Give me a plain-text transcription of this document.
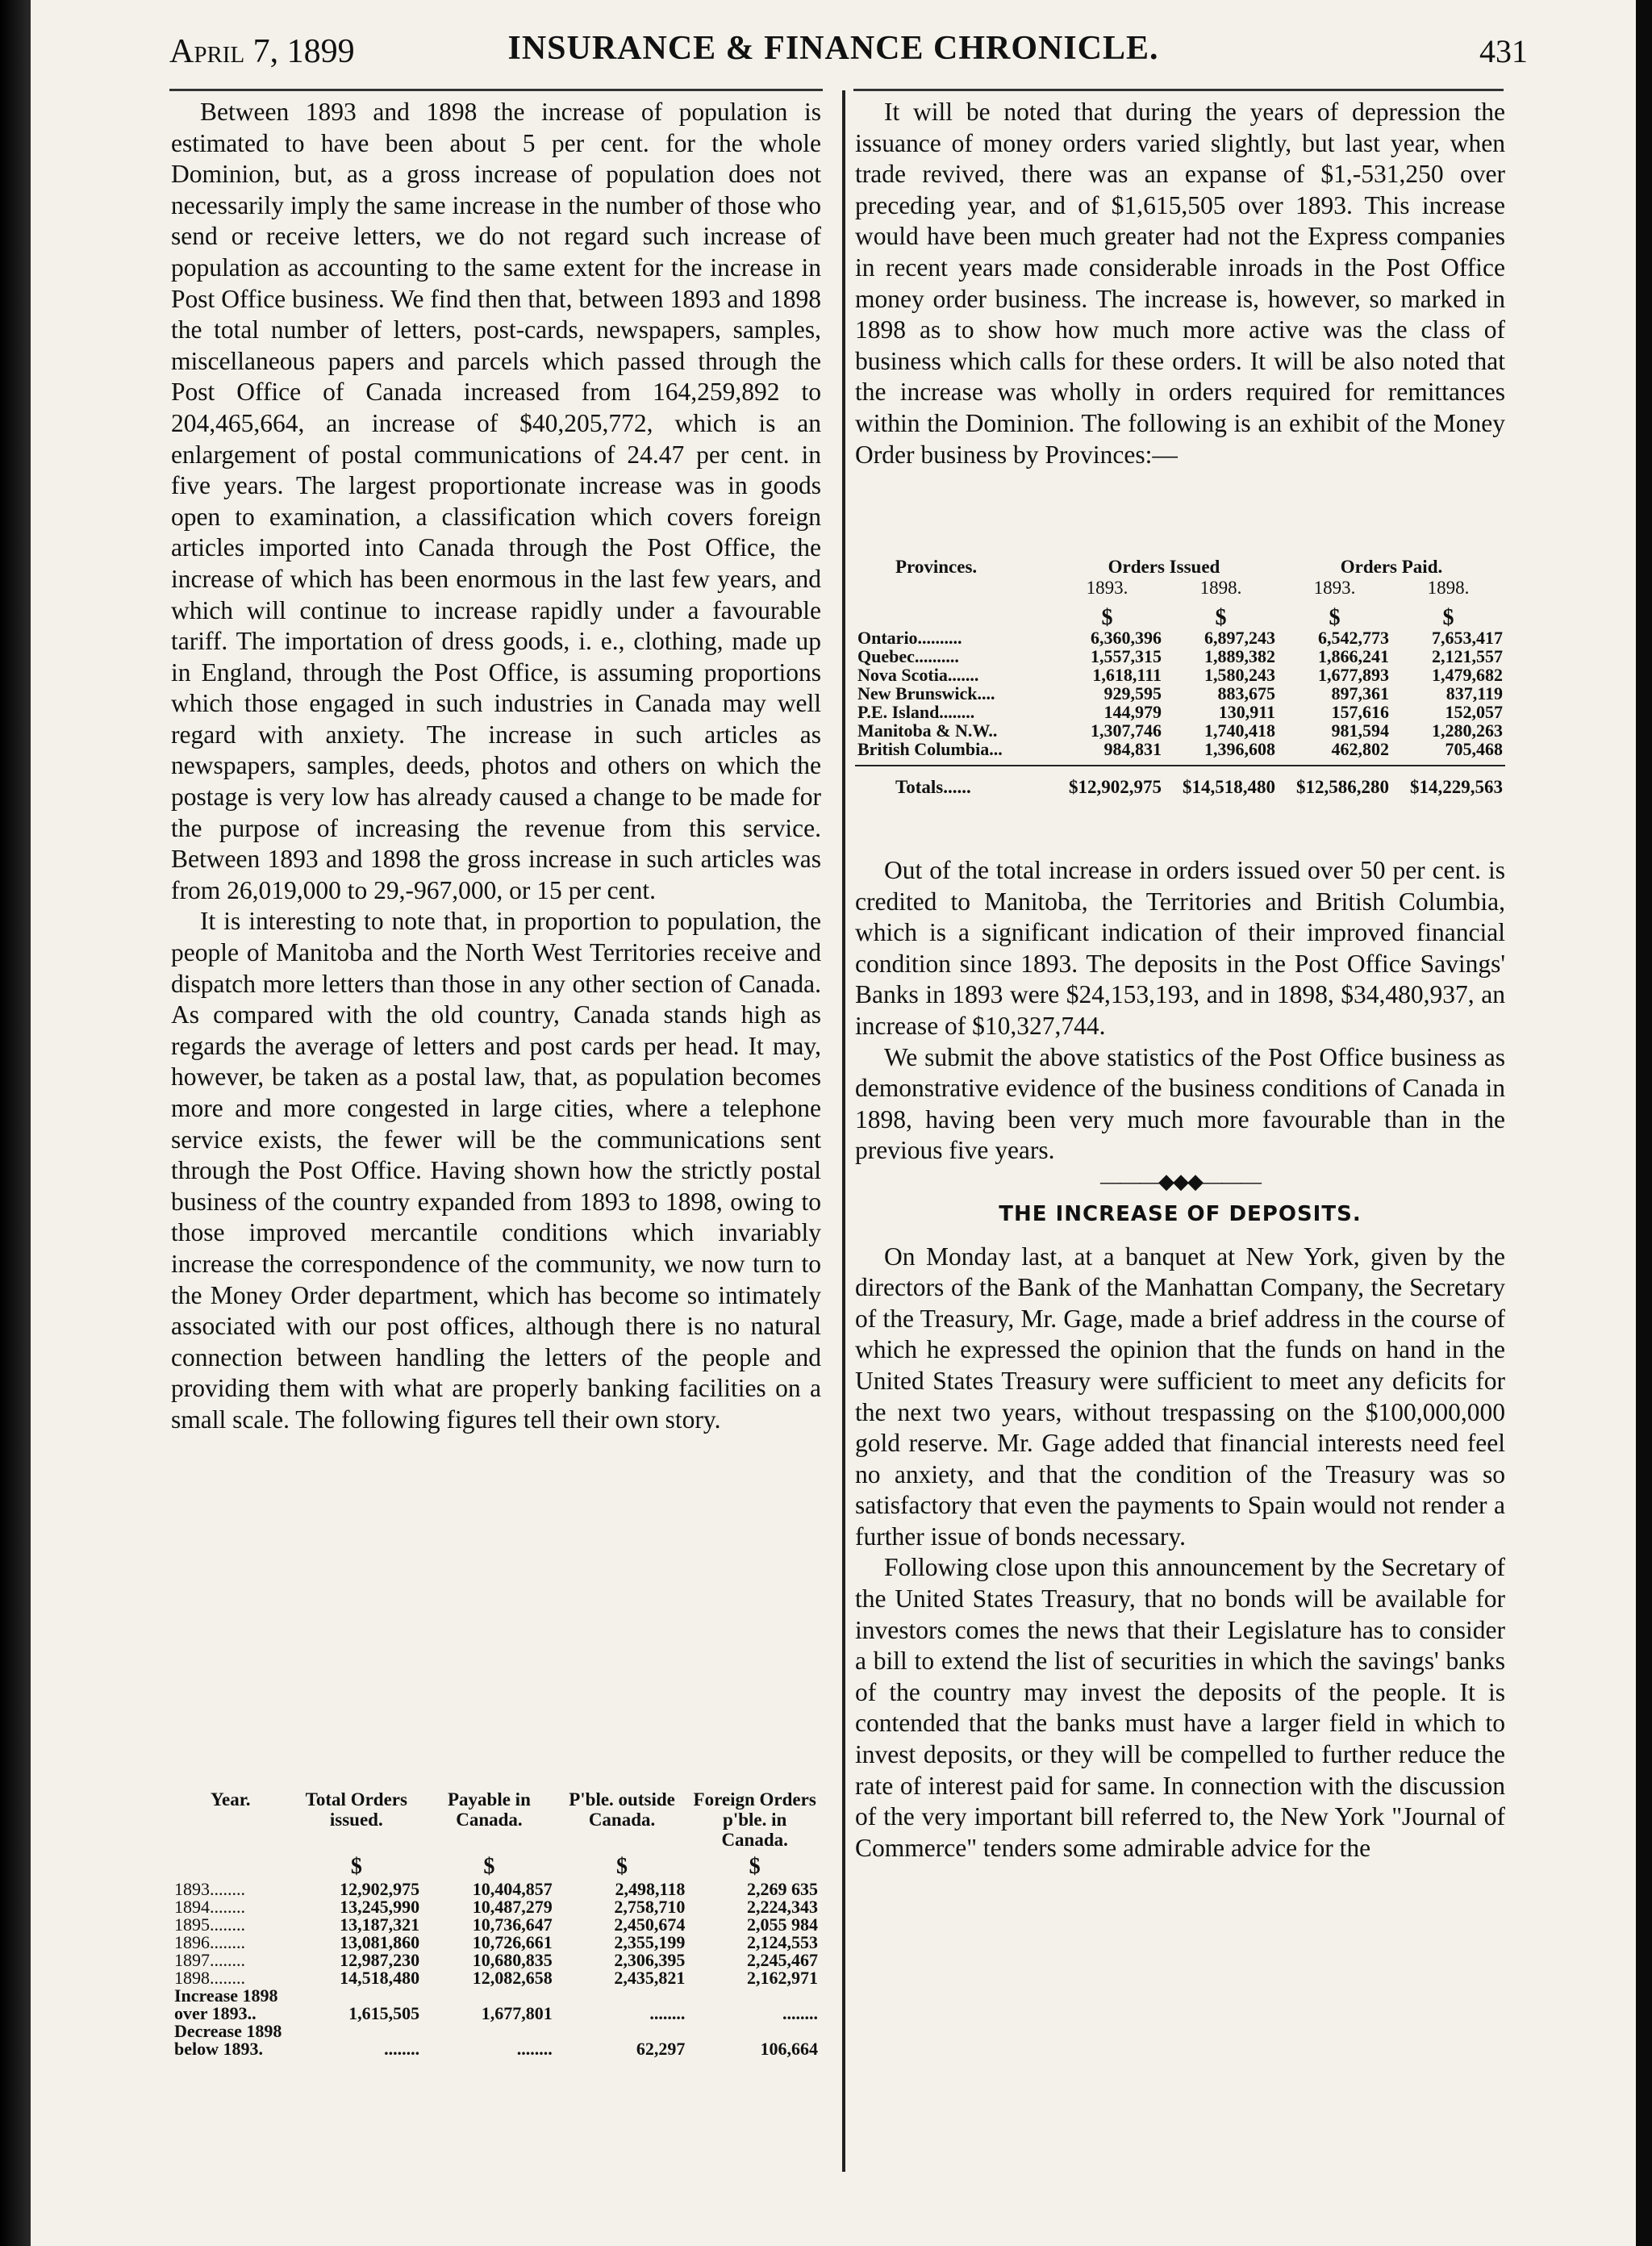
INSURANCE & FINANCE CHRONICLE.
April 7, 1899	431

Between 1893 and 1898 the increase of population is estimated to have been about 5 per cent. for the whole Dominion, but, as a gross increase of population does not necessarily imply the same increase in the number of those who send or receive letters, we do not regard such increase of population as accounting to the same extent for the increase in Post Office business. We find then that, between 1893 and 1898 the total number of letters, post-cards, newspapers, samples, miscellaneous papers and parcels which passed through the Post Office of Canada increased from 164,259,892 to 204,465,664, an increase of $40,205,772, which is an enlargement of postal communications of 24.47 per cent. in five years. The largest proportionate increase was in goods open to examination, a classification which covers foreign articles imported into Canada through the Post Office, the increase of which has been enormous in the last few years, and which will continue to increase rapidly under a favourable tariff. The importation of dress goods, i. e., clothing, made up in England, through the Post Office, is assuming proportions which those engaged in such industries in Canada may well regard with anxiety. The increase in such articles as newspapers, samples, deeds, photos and others on which the postage is very low has already caused a change to be made for the purpose of increasing the revenue from this service. Between 1893 and 1898 the gross increase in such articles was from 26,019,000 to 29,-967,000, or 15 per cent.

It is interesting to note that, in proportion to population, the people of Manitoba and the North West Territories receive and dispatch more letters than those in any other section of Canada. As compared with the old country, Canada stands high as regards the average of letters and post cards per head. It may, however, be taken as a postal law, that, as population becomes more and more congested in large cities, where a telephone service exists, the fewer will be the communications sent through the Post Office. Having shown how the strictly postal business of the country expanded from 1893 to 1898, owing to those improved mercantile conditions which invariably increase the correspondence of the community, we now turn to the Money Order department, which has become so intimately associated with our post offices, although there is no natural connection between handling the letters of the people and providing them with what are properly banking facilities on a small scale. The following figures tell their own story.

Year.	Total Orders issued.	Payable in Canada.	P'ble. outside Canada.	Foreign Orders p'ble. in Canada.
	$	$	$	$
1893........	12,902,975	10,404,857	2,498,118	2,269 635
1894........	13,245,990	10,487,279	2,758,710	2,224,343
1895........	13,187,321	10,736,647	2,450,674	2,055 984
1896........	13,081,860	10,726,661	2,355,199	2,124,553
1897........	12,987,230	10,680,835	2,306,395	2,245,467
1898........	14,518,480	12,082,658	2,435,821	2,162,971
Increase 1898 over 1893..	1,615,505	1,677,801	........	........
Decrease 1898 below 1893.	........	........	62,297	106,664

It will be noted that during the years of depression the issuance of money orders varied slightly, but last year, when trade revived, there was an expanse of $1,-531,250 over preceding year, and of $1,615,505 over 1893. This increase would have been much greater had not the Express companies in recent years made considerable inroads in the Post Office money order business. The increase is, however, so marked in 1898 as to show how much more active was the class of business which calls for these orders. It will be also noted that the increase was wholly in orders required for remittances within the Dominion. The following is an exhibit of the Money Order business by Provinces:—

Provinces.	Orders Issued		Orders Paid.	
	1893.	1898.	1893.	1898.
	$	$	$	$
Ontario..........	6,360,396	6,897,243	6,542,773	7,653,417
Quebec..........	1,557,315	1,889,382	1,866,241	2,121,557
Nova Scotia.......	1,618,111	1,580,243	1,677,893	1,479,682
New Brunswick....	929,595	883,675	897,361	837,119
P.E. Island........	144,979	130,911	157,616	152,057
Manitoba & N.W..	1,307,746	1,740,418	981,594	1,280,263
British Columbia...	984,831	1,396,608	462,802	705,468

Totals......	$12,902,975	$14,518,480	$12,586,280	$14,229,563

Out of the total increase in orders issued over 50 per cent. is credited to Manitoba, the Territories and British Columbia, which is a significant indication of their improved financial condition since 1893. The deposits in the Post Office Savings' Banks in 1893 were $24,153,193, and in 1898, $34,480,937, an increase of $10,327,744.

We submit the above statistics of the Post Office business as demonstrative evidence of the business conditions of Canada in 1898, having been very much more favourable than in the previous five years.

———◆◆◆———
THE INCREASE OF DEPOSITS.

On Monday last, at a banquet at New York, given by the directors of the Bank of the Manhattan Company, the Secretary of the Treasury, Mr. Gage, made a brief address in the course of which he expressed the opinion that the funds on hand in the United States Treasury were sufficient to meet any deficits for the next two years, without trespassing on the $100,000,000 gold reserve. Mr. Gage added that financial interests need feel no anxiety, and that the condition of the Treasury was so satisfactory that even the payments to Spain would not render a further issue of bonds necessary.

Following close upon this announcement by the Secretary of the United States Treasury, that no bonds will be available for investors comes the news that their Legislature has to consider a bill to extend the list of securities in which the savings' banks of the country may invest the deposits of the people. It is contended that the banks must have a larger field in which to invest deposits, or they will be compelled to further reduce the rate of interest paid for same. In connection with the discussion of the very important bill referred to, the New York "Journal of Commerce" tenders some admirable advice for the
